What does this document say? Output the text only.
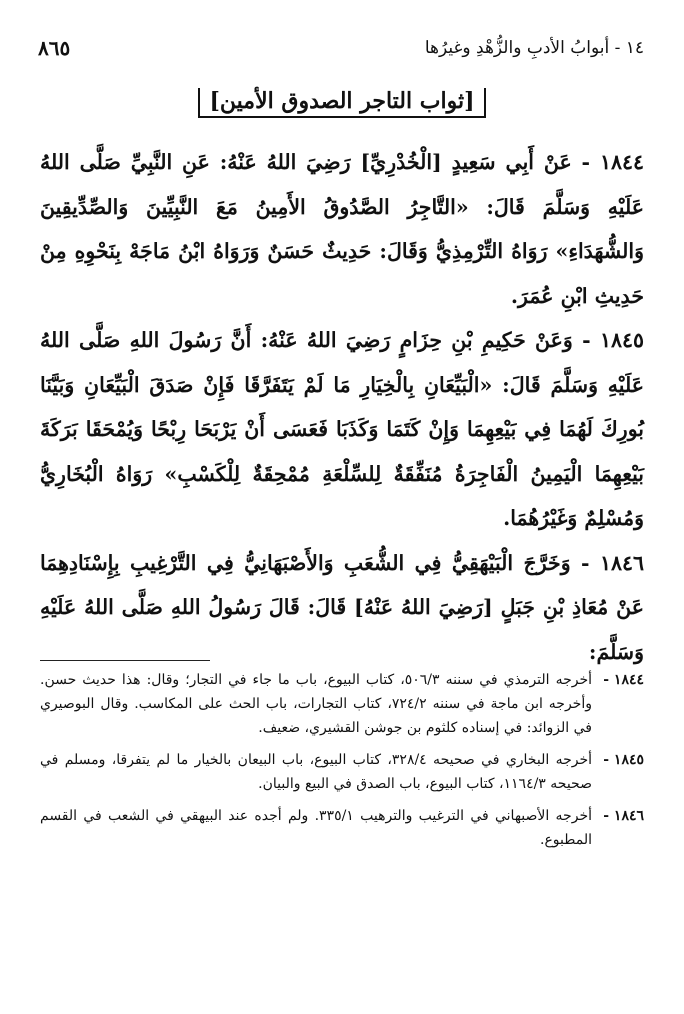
١٤ - أبوابُ الأدبِ والزُّهْدِ وغيرُها
٨٦٥
[ثواب التاجر الصدوق الأمين]

١٨٤٤ - عَنْ أَبِي سَعِيدٍ [الْخُدْرِيِّ] رَضِيَ اللهُ عَنْهُ: عَنِ النَّبِيِّ صَلَّى اللهُ عَلَيْهِ وَسَلَّمَ قَالَ: «التَّاجِرُ الصَّدُوقُ الأَمِينُ مَعَ النَّبِيِّينَ وَالصِّدِّيقِينَ وَالشُّهَدَاءِ» رَوَاهُ التِّرْمِذِيُّ وَقَالَ: حَدِيثٌ حَسَنٌ وَرَوَاهُ ابْنُ مَاجَهْ بِنَحْوِهِ مِنْ حَدِيثِ ابْنِ عُمَرَ.

١٨٤٥ - وَعَنْ حَكِيمِ بْنِ حِزَامٍ رَضِيَ اللهُ عَنْهُ: أَنَّ رَسُولَ اللهِ صَلَّى اللهُ عَلَيْهِ وَسَلَّمَ قَالَ: «الْبَيِّعَانِ بِالْخِيَارِ مَا لَمْ يَتَفَرَّقَا فَإِنْ صَدَقَ الْبَيِّعَانِ وَبَيَّنَا بُورِكَ لَهُمَا فِي بَيْعِهِمَا وَإِنْ كَتَمَا وَكَذَبَا فَعَسَى أَنْ يَرْبَحَا رِبْحًا وَيُمْحَقَا بَرَكَةَ بَيْعِهِمَا الْيَمِينُ الْفَاجِرَةُ مُنَفِّقَةٌ لِلسِّلْعَةِ مُمْحِقَةٌ لِلْكَسْبِ» رَوَاهُ الْبُخَارِيُّ وَمُسْلِمٌ وَغَيْرُهُمَا.

١٨٤٦ - وَخَرَّجَ الْبَيْهَقِيُّ فِي الشُّعَبِ وَالأَصْبَهَانِيُّ فِي التَّرْغِيبِ بِإِسْنَادِهِمَا عَنْ مُعَاذِ بْنِ جَبَلٍ [رَضِيَ اللهُ عَنْهُ] قَالَ: قَالَ رَسُولُ اللهِ صَلَّى اللهُ عَلَيْهِ وَسَلَّمَ:

١٨٤٤ -
أخرجه الترمذي في سننه ٥٠٦/٣، كتاب البيوع، باب ما جاء في التجار؛ وقال: هذا حديث حسن. وأخرجه ابن ماجة في سننه ٧٢٤/٢، كتاب التجارات، باب الحث على المكاسب. وقال البوصيري في الزوائد: في إسناده كلثوم بن جوشن القشيري، ضعيف.
١٨٤٥ -
أخرجه البخاري في صحيحه ٣٢٨/٤، كتاب البيوع، باب البيعان بالخيار ما لم يتفرقا، ومسلم في صحيحه ١١٦٤/٣، كتاب البيوع، باب الصدق في البيع والبيان.
١٨٤٦ -
أخرجه الأصبهاني في الترغيب والترهيب ٣٣٥/١. ولم أجده عند البيهقي في الشعب في القسم المطبوع.
